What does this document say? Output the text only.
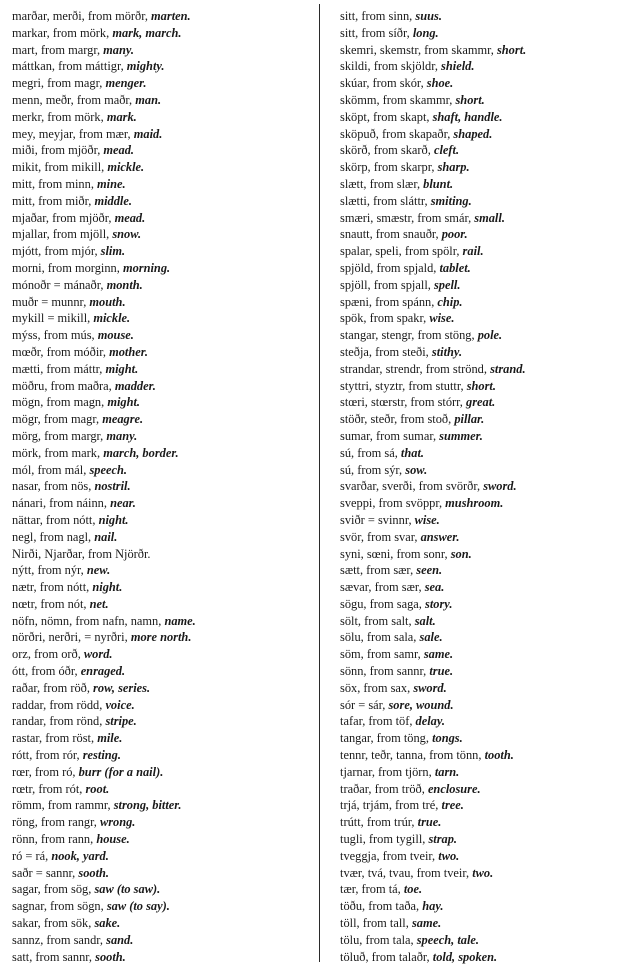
marðar, merði, from mörðr, marten.
markar, from mörk, mark, march.
mart, from margr, many.
máttkan, from máttigr, mighty.
megri, from magr, menger.
menn, meðr, from maðr, man.
merkr, from mörk, mark.
mey, meyjar, from mær, maid.
miði, from mjöðr, mead.
mikit, from mikill, mickle.
mitt, from minn, mine.
mitt, from miðr, middle.
mjaðar, from mjöðr, mead.
mjallar, from mjöll, snow.
mjótt, from mjór, slim.
morni, from morginn, morning.
mónoðr = mánaðr, month.
muðr = munnr, mouth.
mykill = mikill, mickle.
mýss, from mús, mouse.
mœðr, from móðir, mother.
mætti, from máttr, might.
möðru, from maðra, madder.
mögn, from magn, might.
mögr, from magr, meagre.
mörg, from margr, many.
mörk, from mark, march, border.
mól, from mál, speech.
nasar, from nös, nostril.
nánari, from náinn, near.
nättar, from nótt, night.
negl, from nagl, nail.
Nirði, Njarðar, from Njörðr.
nýtt, from nýr, new.
nætr, from nótt, night.
nœtr, from nót, net.
nöfn, nömn, from nafn, namn, name.
nörðri, nerðri, = nyrðri, more north.
orz, from orð, word.
ótt, from óðr, enraged.
raðar, from röð, row, series.
raddar, from rödd, voice.
randar, from rönd, stripe.
rastar, from röst, mile.
rótt, from rór, resting.
rœr, from ró, burr (for a nail).
rœtr, from rót, root.
römm, from rammr, strong, bitter.
röng, from rangr, wrong.
rönn, from rann, house.
ró = rá, nook, yard.
saðr = sannr, sooth.
sagar, from sög, saw (to saw).
sagnar, from sögn, saw (to say).
sakar, from sök, sake.
sannz, from sandr, sand.
satt, from sannr, sooth.
sitt, from sinn, suus.
sitt, from síðr, long.
skemri, skemstr, from skammr, short.
skildi, from skjöldr, shield.
skúar, from skór, shoe.
skömm, from skammr, short.
sköpt, from skapt, shaft, handle.
sköpuð, from skapaðr, shaped.
skörð, from skarð, cleft.
skörp, from skarpr, sharp.
slætt, from slær, blunt.
slætti, from sláttr, smiting.
smæri, smæstr, from smár, small.
snautt, from snauðr, poor.
spalar, speli, from spölr, rail.
spjöld, from spjald, tablet.
spjöll, from spjall, spell.
spænі, from spánn, chip.
spök, from spakr, wise.
stangar, stengr, from stöng, pole.
steðja, from steði, stithy.
strandar, strendr, from strönd, strand.
styttri, styztr, from stuttr, short.
stœri, stœrstr, from stórr, great.
stöðr, steðr, from stoð, pillar.
sumar, from sumar, summer.
sú, from sá, that.
sú, from sýr, sow.
svarðar, sverði, from svörðr, sword.
sveppi, from svöppr, mushroom.
sviðr = svinnr, wise.
svör, from svar, answer.
syni, sœni, from sonr, son.
sætt, from sær, seen.
sævar, from sær, sea.
sögu, from saga, story.
sölt, from salt, salt.
sölu, from sala, sale.
söm, from samr, same.
sönn, from sannr, true.
söx, from sax, sword.
sór = sár, sore, wound.
tafar, from töf, delay.
tangar, from töng, tongs.
tennr, teðr, tanna, from tönn, tooth.
tjarnar, from tjörn, tarn.
traðar, from tröð, enclosure.
trjá, trjám, from tré, tree.
trútt, from trúr, true.
tugli, from tygill, strap.
tveggja, from tveir, two.
tvær, tvá, tvau, from tveir, two.
tær, from tá, toe.
töðu, from taða, hay.
töll, from tall, same.
tölu, from tala, speech, tale.
töluð, from talaðr, told, spoken.
